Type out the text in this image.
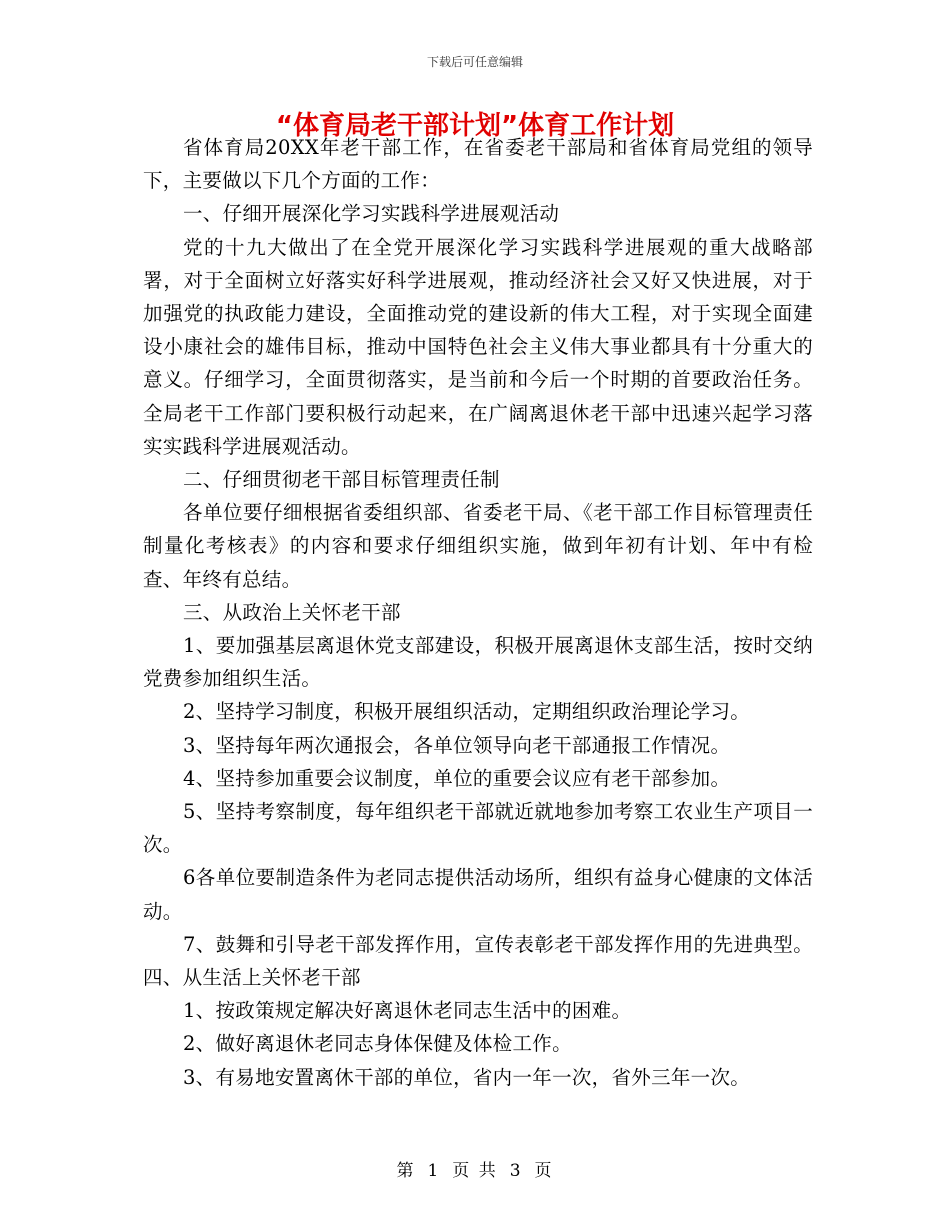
下载后可任意编辑
“体育局老干部计划”体育工作计划

省体育局20XX年老干部工作，在省委老干部局和省体育局党组的领导下，主要做以下几个方面的工作：

一、仔细开展深化学习实践科学进展观活动

党的十九大做出了在全党开展深化学习实践科学进展观的重大战略部署，对于全面树立好落实好科学进展观，推动经济社会又好又快进展，对于加强党的执政能力建设，全面推动党的建设新的伟大工程，对于实现全面建设小康社会的雄伟目标，推动中国特色社会主义伟大事业都具有十分重大的意义。仔细学习，全面贯彻落实，是当前和今后一个时期的首要政治任务。全局老干工作部门要积极行动起来，在广阔离退休老干部中迅速兴起学习落实实践科学进展观活动。

二、仔细贯彻老干部目标管理责任制

各单位要仔细根据省委组织部、省委老干局、《老干部工作目标管理责任制量化考核表》的内容和要求仔细组织实施，做到年初有计划、年中有检查、年终有总结。

三、从政治上关怀老干部

1、要加强基层离退休党支部建设，积极开展离退休支部生活，按时交纳党费参加组织生活。

2、坚持学习制度，积极开展组织活动，定期组织政治理论学习。

3、坚持每年两次通报会，各单位领导向老干部通报工作情况。

4、坚持参加重要会议制度，单位的重要会议应有老干部参加。

5、坚持考察制度，每年组织老干部就近就地参加考察工农业生产项目一次。

6各单位要制造条件为老同志提供活动场所，组织有益身心健康的文体活动。

7、鼓舞和引导老干部发挥作用，宣传表彰老干部发挥作用的先进典型。四、从生活上关怀老干部

1、按政策规定解决好离退休老同志生活中的困难。

2、做好离退休老同志身体保健及体检工作。

3、有易地安置离休干部的单位，省内一年一次，省外三年一次。

第 1 页 共 3 页
